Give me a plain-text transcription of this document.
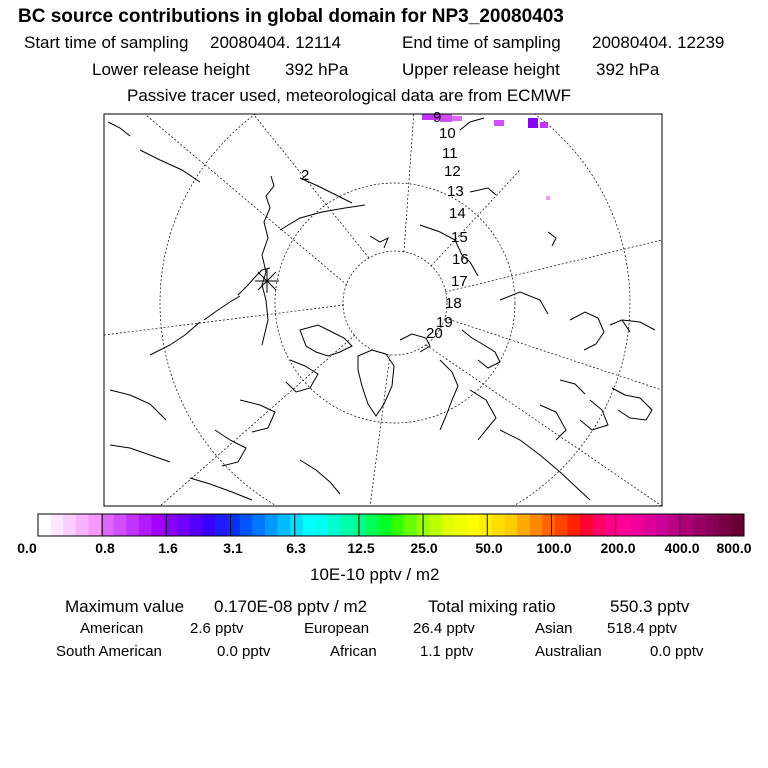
BC source contributions in global domain for NP3_20080403
Start time of sampling 20080404. 12114	End time of sampling 20080404. 12239
Lower release height 392 hPa	Upper release height 392 hPa
Passive tracer used, meteorological data are from ECMWF
2
9
10
11
12
13
14
15
16
17
18
19
20
0.0	0.8	1.6	3.1	6.3	12.5	25.0	50.0 100.0 200.0 400.0 800.0
10E-10 pptv / m2
Maximum value 0.170E-08 pptv / m2	Total mixing ratio	550.3 pptv
American	2.6 pptv	European	26.4 pptv	Asian 518.4 pptv
South American	0.0 pptv	African	1.1 pptv	Australian	0.0 pptv
